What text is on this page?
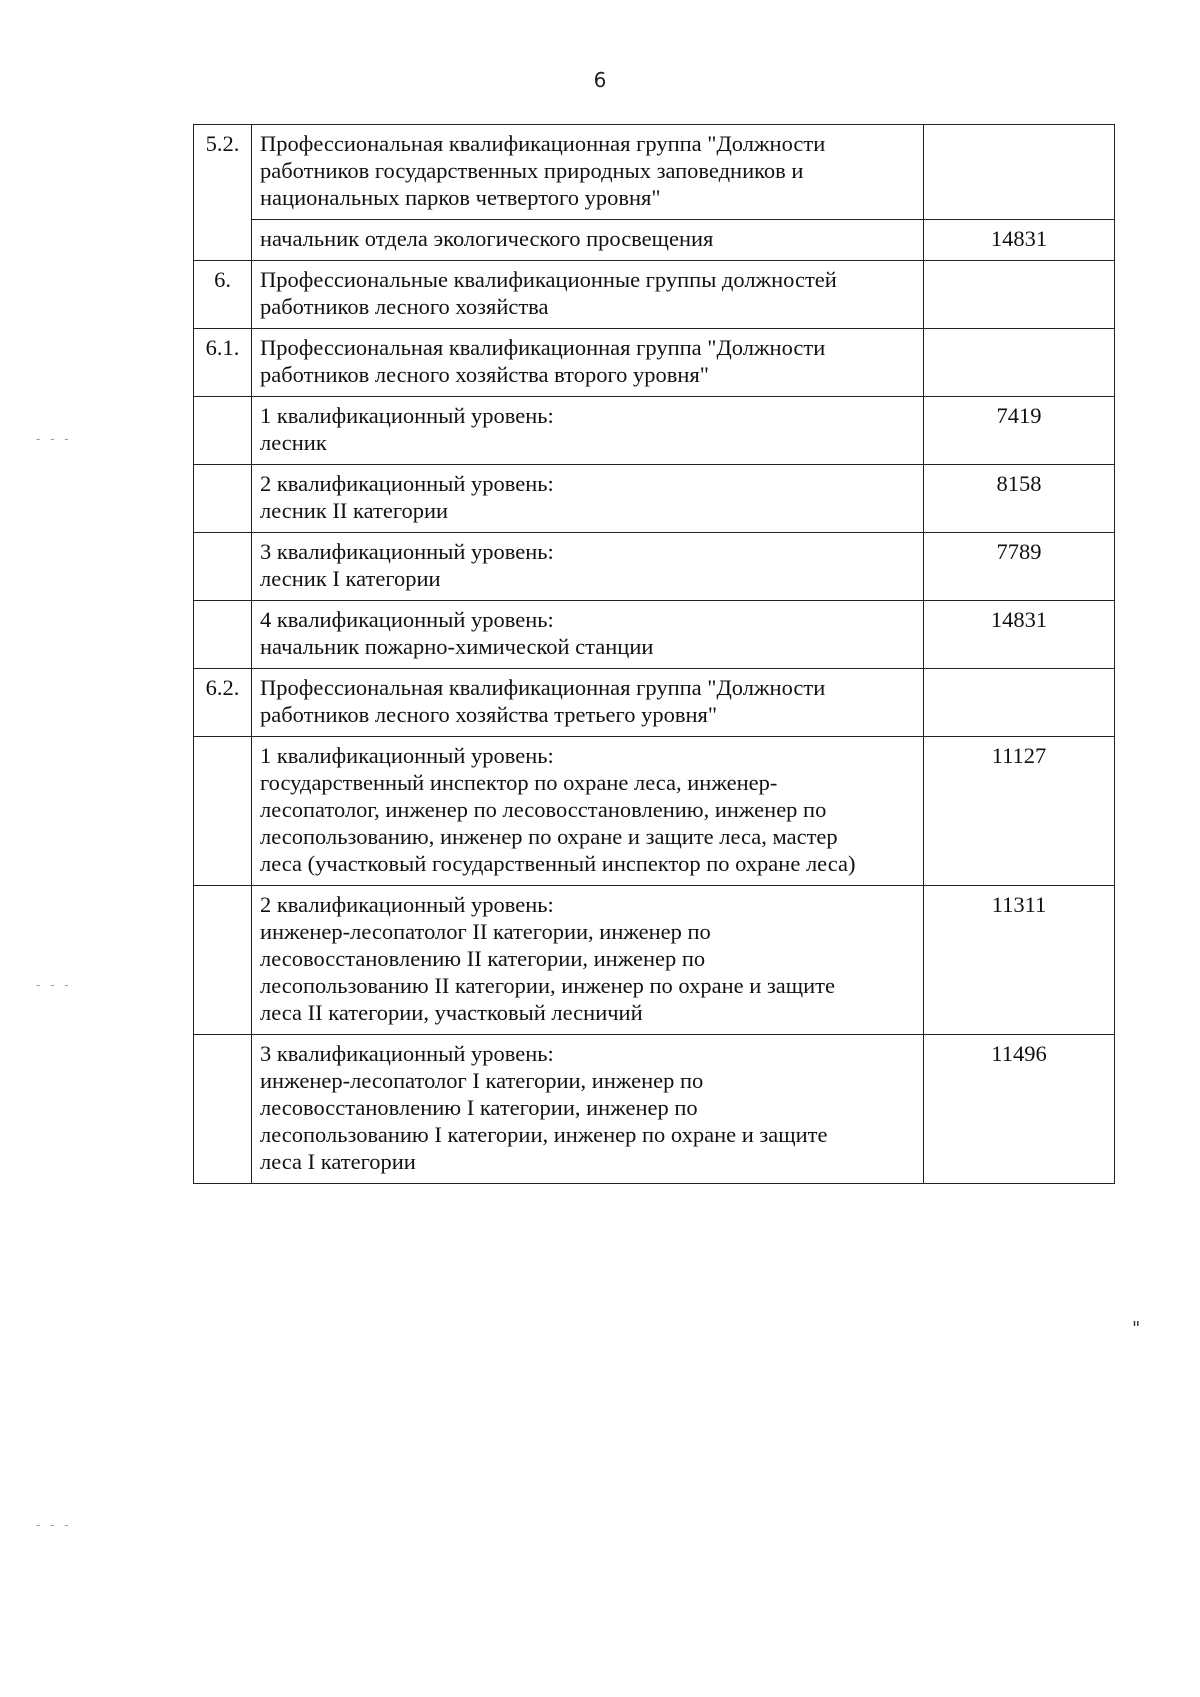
6
5.2.	Профессиональная квалификационная группа "Должности
работников государственных природных заповедников и
национальных парков четвертого уровня"	

	начальник отдела экологического просвещения	14831
6.	Профессиональные квалификационные группы должностей
работников лесного хозяйства	

6.1.	Профессиональная квалификационная группа "Должности
работников лесного хозяйства второго уровня"	

	1 квалификационный уровень:
лесник	7419

	2 квалификационный уровень:
лесник II категории	8158

	3 квалификационный уровень:
лесник I категории	7789

	4 квалификационный уровень:
начальник пожарно-химической станции	14831
6.2.	Профессиональная квалификационная группа "Должности
работников лесного хозяйства третьего уровня"	

	1 квалификационный уровень:
государственный инспектор по охране леса, инженер-
лесопатолог, инженер по лесовосстановлению, инженер по
лесопользованию, инженер по охране и защите леса, мастер
леса (участковый государственный инспектор по охране леса)	11127

	2 квалификационный уровень:
инженер-лесопатолог II категории, инженер по
лесовосстановлению II категории, инженер по
лесопользованию II категории, инженер по охране и защите
леса II категории, участковый лесничий	11311

	3 квалификационный уровень:
инженер-лесопатолог I категории, инженер по
лесовосстановлению I категории, инженер по
лесопользованию I категории, инженер по охране и защите
леса I категории	11496
"
- - -
- - -
- - -
